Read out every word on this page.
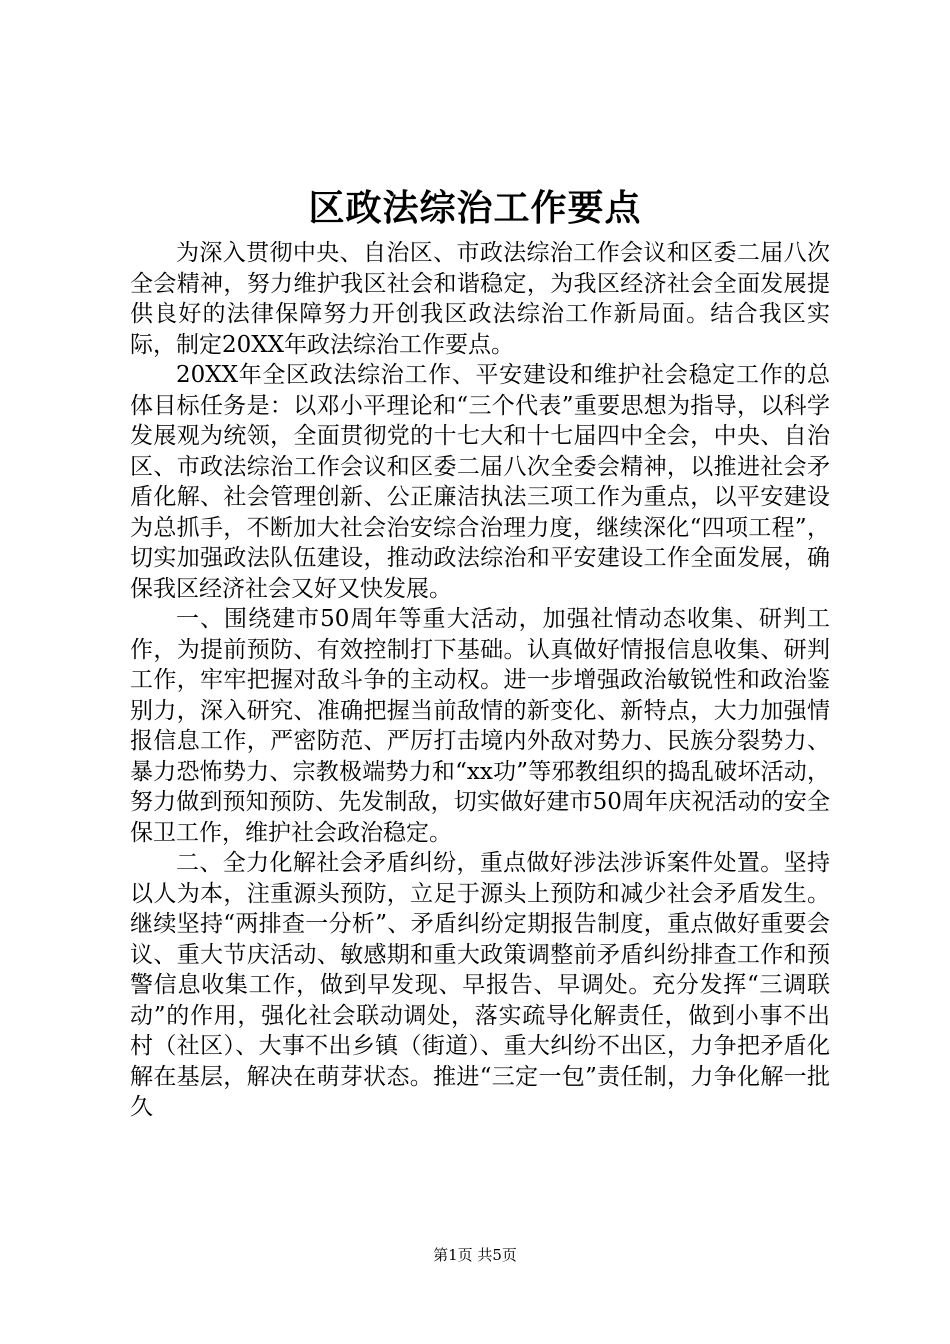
区政法综治工作要点

为深入贯彻中央、自治区、市政法综治工作会议和区委二届八次全会精神，努力维护我区社会和谐稳定，为我区经济社会全面发展提供良好的法律保障努力开创我区政法综治工作新局面。结合我区实际，制定20XX年政法综治工作要点。

20XX年全区政法综治工作、平安建设和维护社会稳定工作的总体目标任务是：以邓小平理论和“三个代表”重要思想为指导，以科学发展观为统领，全面贯彻党的十七大和十七届四中全会，中央、自治区、市政法综治工作会议和区委二届八次全委会精神，以推进社会矛盾化解、社会管理创新、公正廉洁执法三项工作为重点，以平安建设为总抓手，不断加大社会治安综合治理力度，继续深化“四项工程”，切实加强政法队伍建设，推动政法综治和平安建设工作全面发展，确保我区经济社会又好又快发展。

一、围绕建市50周年等重大活动，加强社情动态收集、研判工作，为提前预防、有效控制打下基础。认真做好情报信息收集、研判工作，牢牢把握对敌斗争的主动权。进一步增强政治敏锐性和政治鉴别力，深入研究、准确把握当前敌情的新变化、新特点，大力加强情报信息工作，严密防范、严厉打击境内外敌对势力、民族分裂势力、暴力恐怖势力、宗教极端势力和“xx功”等邪教组织的捣乱破坏活动，努力做到预知预防、先发制敌，切实做好建市50周年庆祝活动的安全保卫工作，维护社会政治稳定。

二、全力化解社会矛盾纠纷，重点做好涉法涉诉案件处置。坚持以人为本，注重源头预防，立足于源头上预防和减少社会矛盾发生。继续坚持“两排查一分析”、矛盾纠纷定期报告制度，重点做好重要会议、重大节庆活动、敏感期和重大政策调整前矛盾纠纷排查工作和预警信息收集工作，做到早发现、早报告、早调处。充分发挥“三调联动”的作用，强化社会联动调处，落实疏导化解责任，做到小事不出村（社区）、大事不出乡镇（街道）、重大纠纷不出区，力争把矛盾化解在基层，解决在萌芽状态。推进“三定一包”责任制，力争化解一批久

第1页 共5页
